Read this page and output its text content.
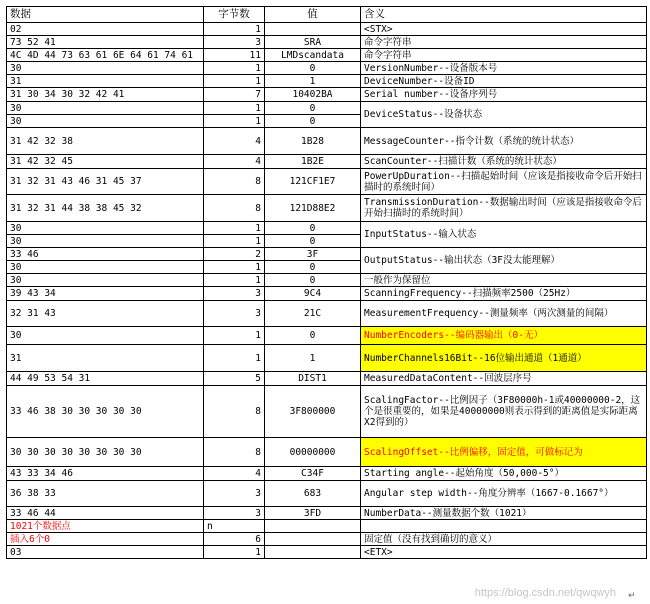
数据	字节数	值	含义
02	1		<STX>
73 52 41	3	SRA	命令字符串
4C 4D 44 73 63 61 6E 64 61 74 61	11	LMDscandata	命令字符串
30	1	0	VersionNumber--设备版本号
31	1	1	DeviceNumber--设备ID
31 30 34 30 32 42 41	7	10402BA	Serial number--设备序列号
30	1	0	DeviceStatus--设备状态
30	1	0	
31 42 32 38	4	1B28	MessageCounter--指令计数（系统的统计状态）
31 42 32 45	4	1B2E	ScanCounter--扫描计数（系统的统计状态）
31 32 31 43 46 31 45 37	8	121CF1E7	PowerUpDuration--扫描起始时间（应该是指接收命令后开始扫描时的系统时间）
31 32 31 44 38 38 45 32	8	121D88E2	TransmissionDuration--数据输出时间（应该是指接收命令后开始扫描时的系统时间）
30	1	0	InputStatus--输入状态
30	1	0	
33 46	2	3F	OutputStatus--输出状态（3F没太能理解）
30	1	0	
30	1	0	一般作为保留位
39 43 34	3	9C4	ScanningFrequency--扫描频率2500（25Hz）
32 31 43	3	21C	MeasurementFrequency--测量频率（两次测量的间隔）
30	1	0	NumberEncoders--编码器输出（0-无）
31	1	1	NumberChannels16Bit--16位输出通道（1通道）
44 49 53 54 31	5	DIST1	MeasuredDataContent--回波层序号
33 46 38 30 30 30 30 30	8	3F800000	ScalingFactor--比例因子（3F80000h-1或40000000-2，这个是很重要的，如果是40000000则表示得到的距离值是实际距离X2得到的）
30 30 30 30 30 30 30 30	8	00000000	ScalingOffset--比例偏移，固定值，可做标记为
43 33 34 46	4	C34F	Starting angle--起始角度（50,000-5°）
36 38 33	3	683	Angular step width--角度分辨率（1667-0.1667°）
33 46 44	3	3FD	NumberData--测量数据个数（1021）
1021个数据点	n		
插入6个0	6		固定值（没有找到确切的意义）
03	1		<ETX>
https://blog.csdn.net/qwqwyh ↵
